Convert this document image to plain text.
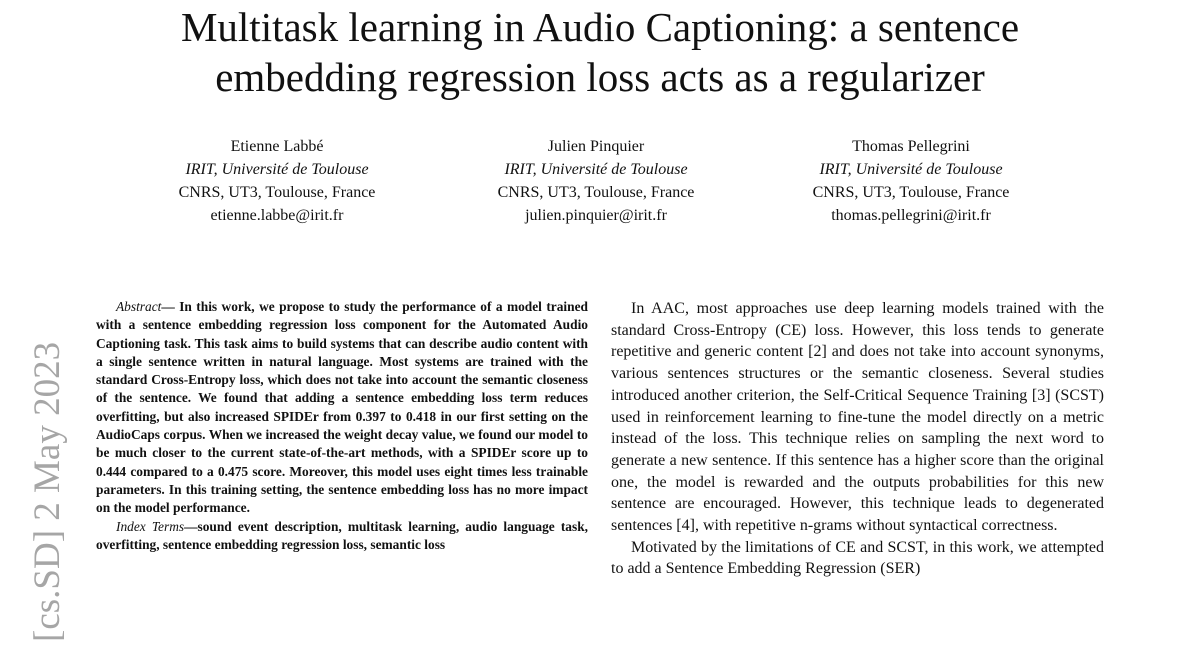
Multitask learning in Audio Captioning: a sentence
embedding regression loss acts as a regularizer
Etienne Labbé
IRIT, Université de Toulouse
CNRS, UT3, Toulouse, France
etienne.labbe@irit.fr
Julien Pinquier
IRIT, Université de Toulouse
CNRS, UT3, Toulouse, France
julien.pinquier@irit.fr
Thomas Pellegrini
IRIT, Université de Toulouse
CNRS, UT3, Toulouse, France
thomas.pellegrini@irit.fr
[cs.SD] 2 May 2023

Abstract— In this work, we propose to study the performance of a model trained with a sentence embedding regression loss component for the Automated Audio Captioning task. This task aims to build systems that can describe audio content with a single sentence written in natural language. Most systems are trained with the standard Cross-Entropy loss, which does not take into account the semantic closeness of the sentence. We found that adding a sentence embedding loss term reduces overfitting, but also increased SPIDEr from 0.397 to 0.418 in our first setting on the AudioCaps corpus. When we increased the weight decay value, we found our model to be much closer to the current state-of-the-art methods, with a SPIDEr score up to 0.444 compared to a 0.475 score. Moreover, this model uses eight times less trainable parameters. In this training setting, the sentence embedding loss has no more impact on the model performance.

Index Terms—sound event description, multitask learning, audio language task, overfitting, sentence embedding regression loss, semantic loss

In AAC, most approaches use deep learning models trained with the standard Cross-Entropy (CE) loss. However, this loss tends to generate repetitive and generic content [2] and does not take into account synonyms, various sentences structures or the semantic closeness. Several studies introduced another criterion, the Self-Critical Sequence Training [3] (SCST) used in reinforcement learning to fine-tune the model directly on a metric instead of the loss. This technique relies on sampling the next word to generate a new sentence. If this sentence has a higher score than the original one, the model is rewarded and the outputs probabilities for this new sentence are encouraged. However, this technique leads to degenerated sentences [4], with repetitive n-grams without syntactical correctness.

Motivated by the limitations of CE and SCST, in this work, we attempted to add a Sentence Embedding Regression (SER)
